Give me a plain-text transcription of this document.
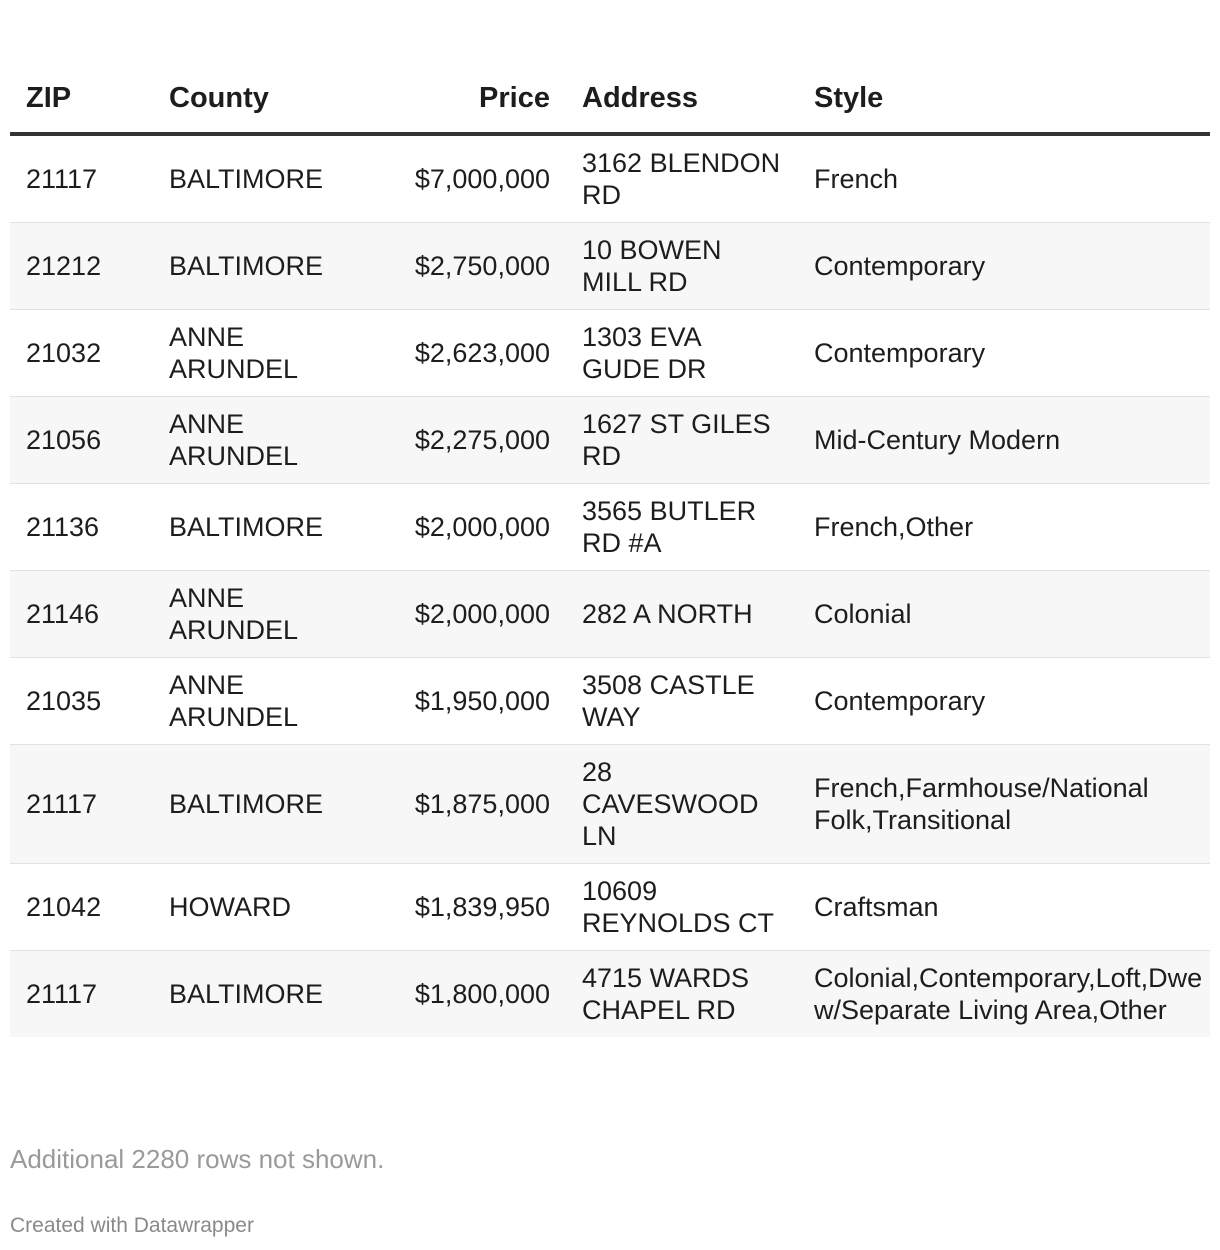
ZIP	County	Price	Address	Style
21117	BALTIMORE	$7,000,000	3162 BLENDON RD	French
21212	BALTIMORE	$2,750,000	10 BOWEN MILL RD	Contemporary
21032	ANNE ARUNDEL	$2,623,000	1303 EVA GUDE DR	Contemporary
21056	ANNE ARUNDEL	$2,275,000	1627 ST GILES RD	Mid-Century Modern
21136	BALTIMORE	$2,000,000	3565 BUTLER RD #A	French,Other
21146	ANNE ARUNDEL	$2,000,000	282 A NORTH	Colonial
21035	ANNE ARUNDEL	$1,950,000	3508 CASTLE WAY	Contemporary
21117	BALTIMORE	$1,875,000	28 CAVESWOOD LN	French,Farmhouse/National Folk,Transitional
21042	HOWARD	$1,839,950	10609 REYNOLDS CT	Craftsman
21117	BALTIMORE	$1,800,000	4715 WARDS CHAPEL RD	Colonial,Contemporary,Loft,Dwe w/Separate Living Area,Other
Additional 2280 rows not shown.
Created with Datawrapper
